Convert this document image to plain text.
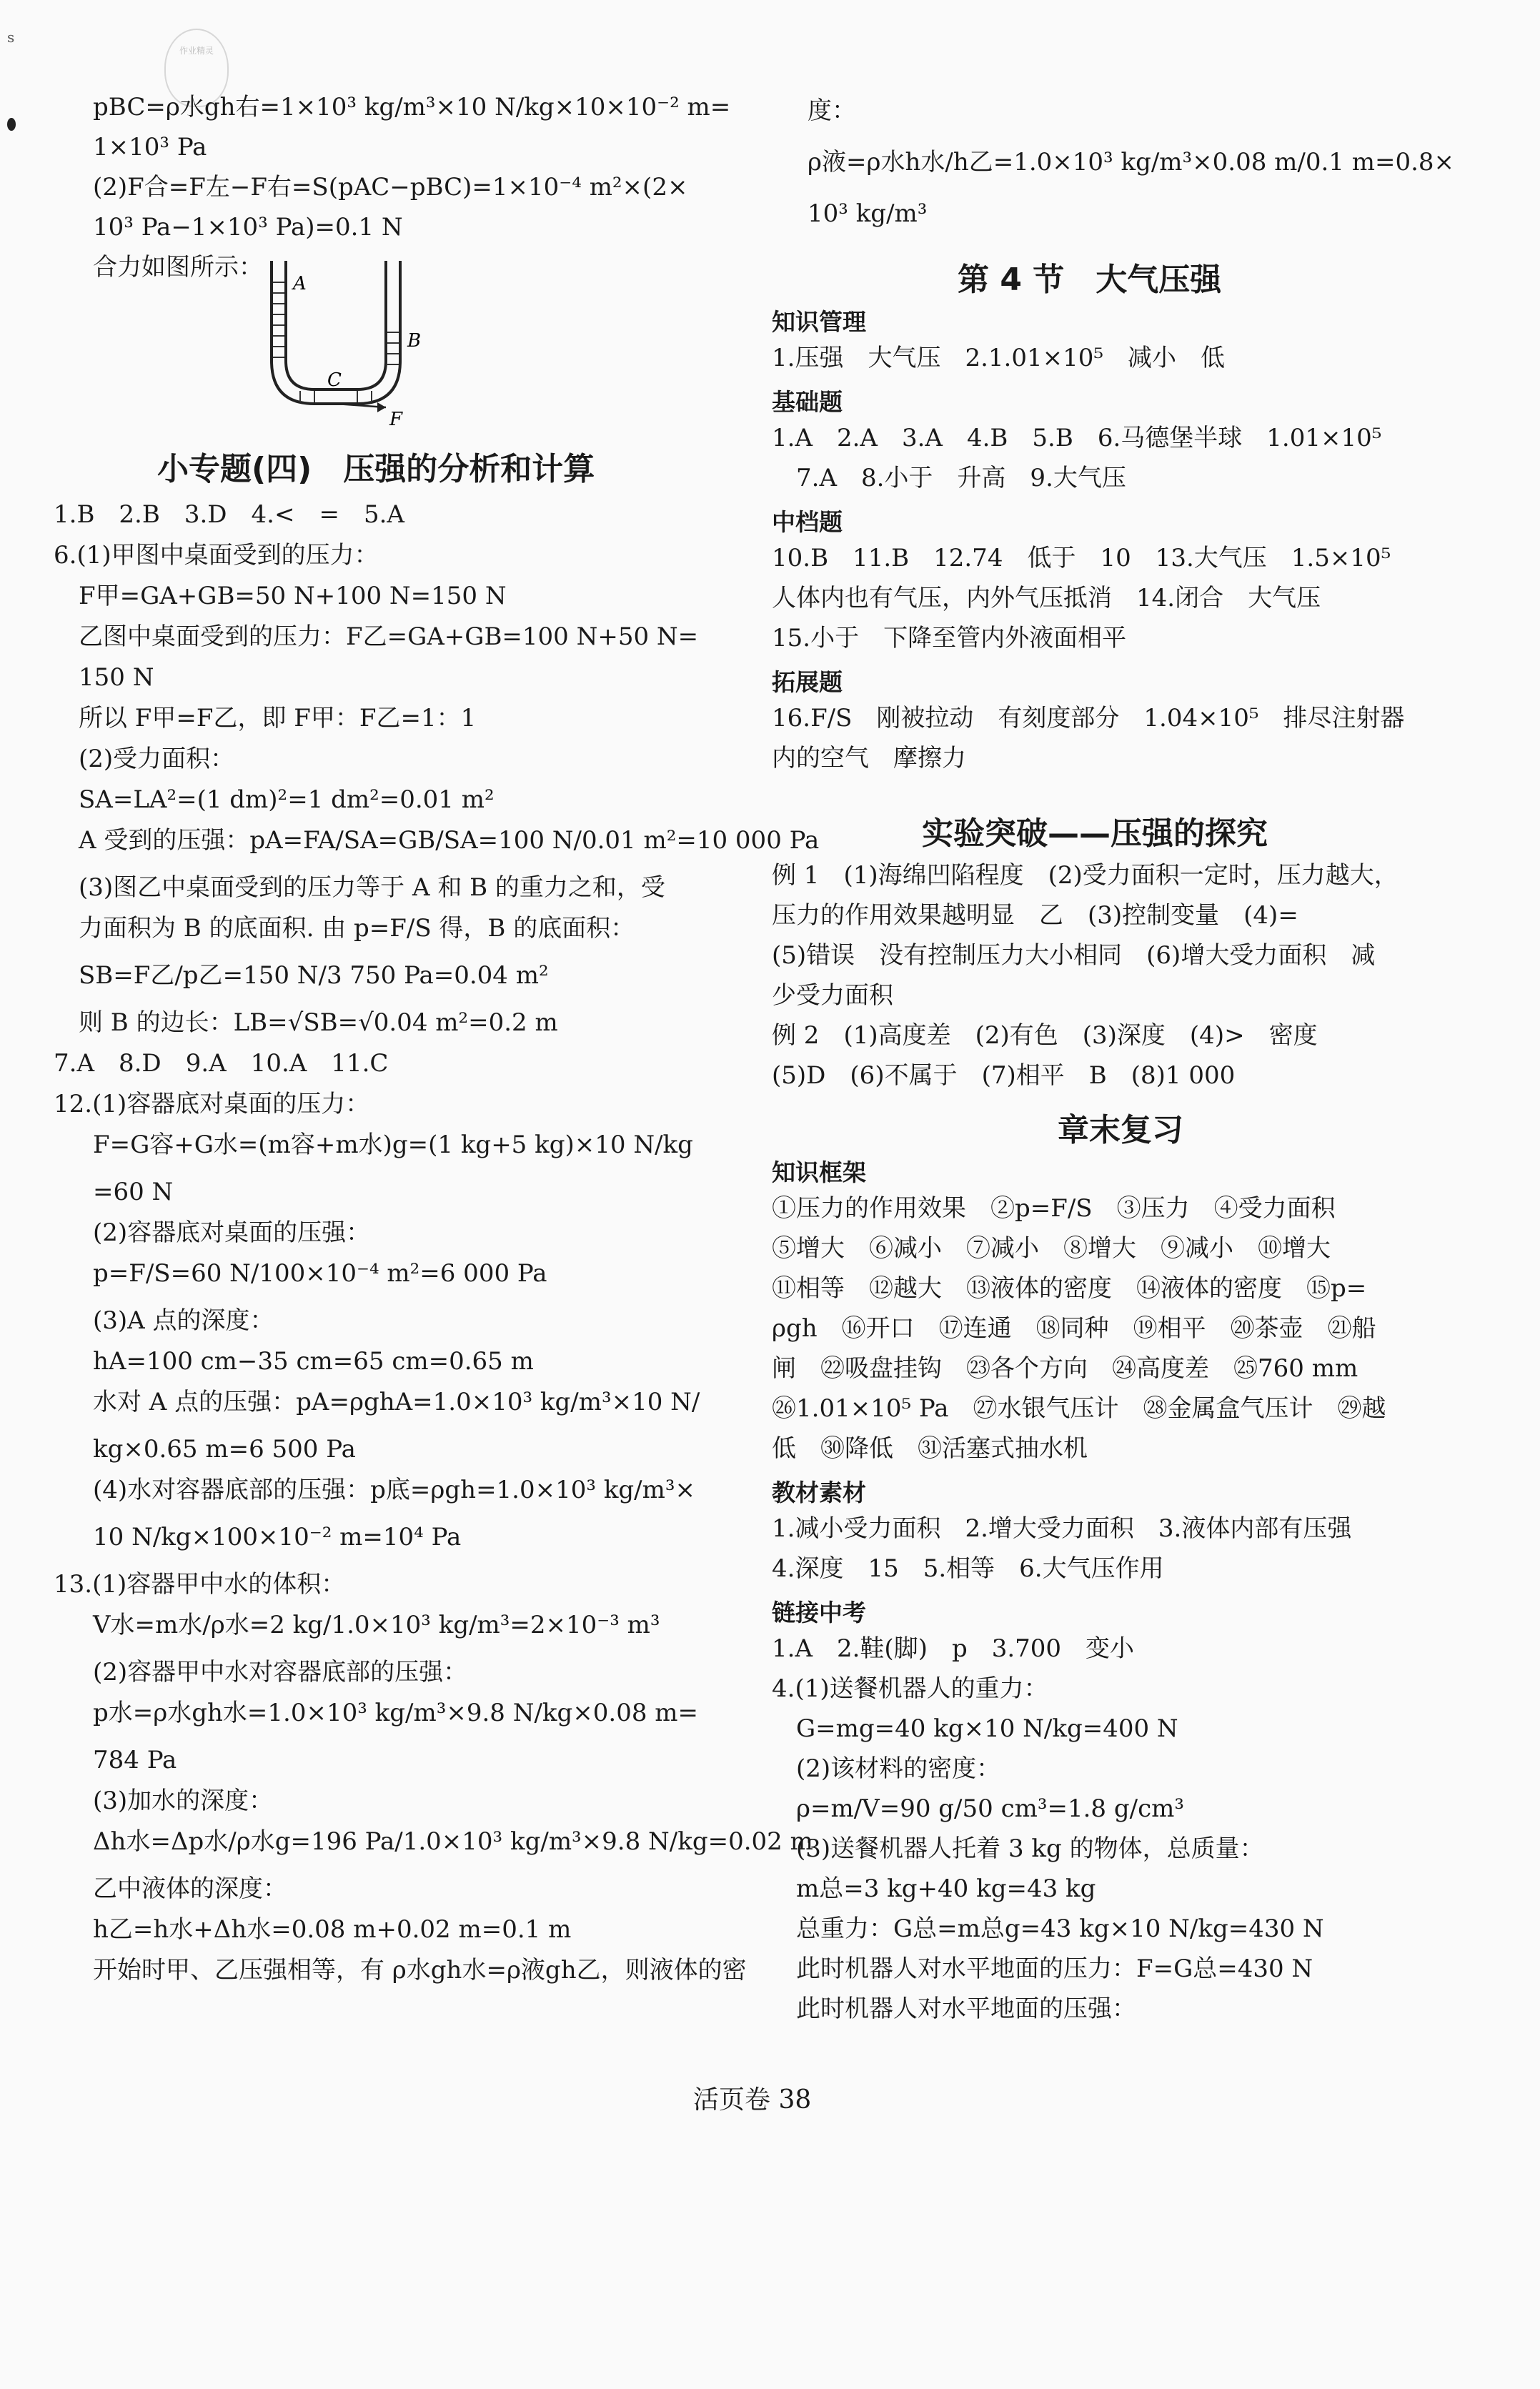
s
作业精灵
pBC=ρ水gh右=1×10³ kg/m³×10 N/kg×10×10⁻² m=
1×10³ Pa
(2)F合=F左−F右=S(pAC−pBC)=1×10⁻⁴ m²×(2×
10³ Pa−1×10³ Pa)=0.1 N
合力如图所示：
小专题(四)　压强的分析和计算
1.B　2.B　3.D　4.<　=　5.A
6.(1)甲图中桌面受到的压力：
F甲=GA+GB=50 N+100 N=150 N
乙图中桌面受到的压力：F乙=GA+GB=100 N+50 N=
150 N
所以 F甲=F乙，即 F甲：F乙=1：1
(2)受力面积：
SA=LA²=(1 dm)²=1 dm²=0.01 m²
A 受到的压强：pA=FA/SA=GB/SA=100 N/0.01 m²=10 000 Pa
(3)图乙中桌面受到的压力等于 A 和 B 的重力之和，受
力面积为 B 的底面积. 由 p=F/S 得，B 的底面积：
SB=F乙/p乙=150 N/3 750 Pa=0.04 m²
则 B 的边长：LB=√SB=√0.04 m²=0.2 m
7.A　8.D　9.A　10.A　11.C
12.(1)容器底对桌面的压力：
F=G容+G水=(m容+m水)g=(1 kg+5 kg)×10 N/kg
=60 N
(2)容器底对桌面的压强：
p=F/S=60 N/100×10⁻⁴ m²=6 000 Pa
(3)A 点的深度：
hA=100 cm−35 cm=65 cm=0.65 m
水对 A 点的压强：pA=ρghA=1.0×10³ kg/m³×10 N/
kg×0.65 m=6 500 Pa
(4)水对容器底部的压强：p底=ρgh=1.0×10³ kg/m³×
10 N/kg×100×10⁻² m=10⁴ Pa
13.(1)容器甲中水的体积：
V水=m水/ρ水=2 kg/1.0×10³ kg/m³=2×10⁻³ m³
(2)容器甲中水对容器底部的压强：
p水=ρ水gh水=1.0×10³ kg/m³×9.8 N/kg×0.08 m=
784 Pa
(3)加水的深度：
Δh水=Δp水/ρ水g=196 Pa/1.0×10³ kg/m³×9.8 N/kg=0.02 m
乙中液体的深度：
h乙=h水+Δh水=0.08 m+0.02 m=0.1 m
开始时甲、乙压强相等，有 ρ水gh水=ρ液gh乙，则液体的密
度：
ρ液=ρ水h水/h乙=1.0×10³ kg/m³×0.08 m/0.1 m=0.8×
10³ kg/m³
第 4 节　大气压强
知识管理
1.压强　大气压　2.1.01×10⁵　减小　低
基础题
1.A　2.A　3.A　4.B　5.B　6.马德堡半球　1.01×10⁵
　7.A　8.小于　升高　9.大气压
中档题
10.B　11.B　12.74　低于　10　13.大气压　1.5×10⁵
人体内也有气压，内外气压抵消　14.闭合　大气压
15.小于　下降至管内外液面相平
拓展题
16.F/S　刚被拉动　有刻度部分　1.04×10⁵　排尽注射器
内的空气　摩擦力
实验突破——压强的探究
例 1　(1)海绵凹陷程度　(2)受力面积一定时，压力越大，
压力的作用效果越明显　乙　(3)控制变量　(4)=
(5)错误　没有控制压力大小相同　(6)增大受力面积　减
少受力面积
例 2　(1)高度差　(2)有色　(3)深度　(4)>　密度
(5)D　(6)不属于　(7)相平　B　(8)1 000
章末复习
知识框架
①压力的作用效果　②p=F/S　③压力　④受力面积
⑤增大　⑥减小　⑦减小　⑧增大　⑨减小　⑩增大
⑪相等　⑫越大　⑬液体的密度　⑭液体的密度　⑮p=
ρgh　⑯开口　⑰连通　⑱同种　⑲相平　⑳茶壶　㉑船
闸　㉒吸盘挂钩　㉓各个方向　㉔高度差　㉕760 mm
㉖1.01×10⁵ Pa　㉗水银气压计　㉘金属盒气压计　㉙越
低　㉚降低　㉛活塞式抽水机
教材素材
1.减小受力面积　2.增大受力面积　3.液体内部有压强
4.深度　15　5.相等　6.大气压作用
链接中考
1.A　2.鞋(脚)　p　3.700　变小
4.(1)送餐机器人的重力：
　G=mg=40 kg×10 N/kg=400 N
　(2)该材料的密度：
　ρ=m/V=90 g/50 cm³=1.8 g/cm³
　(3)送餐机器人托着 3 kg 的物体，总质量：
　m总=3 kg+40 kg=43 kg
　总重力：G总=m总g=43 kg×10 N/kg=430 N
　此时机器人对水平地面的压力：F=G总=430 N
　此时机器人对水平地面的压强：
A
B
C
F
活页卷 38
